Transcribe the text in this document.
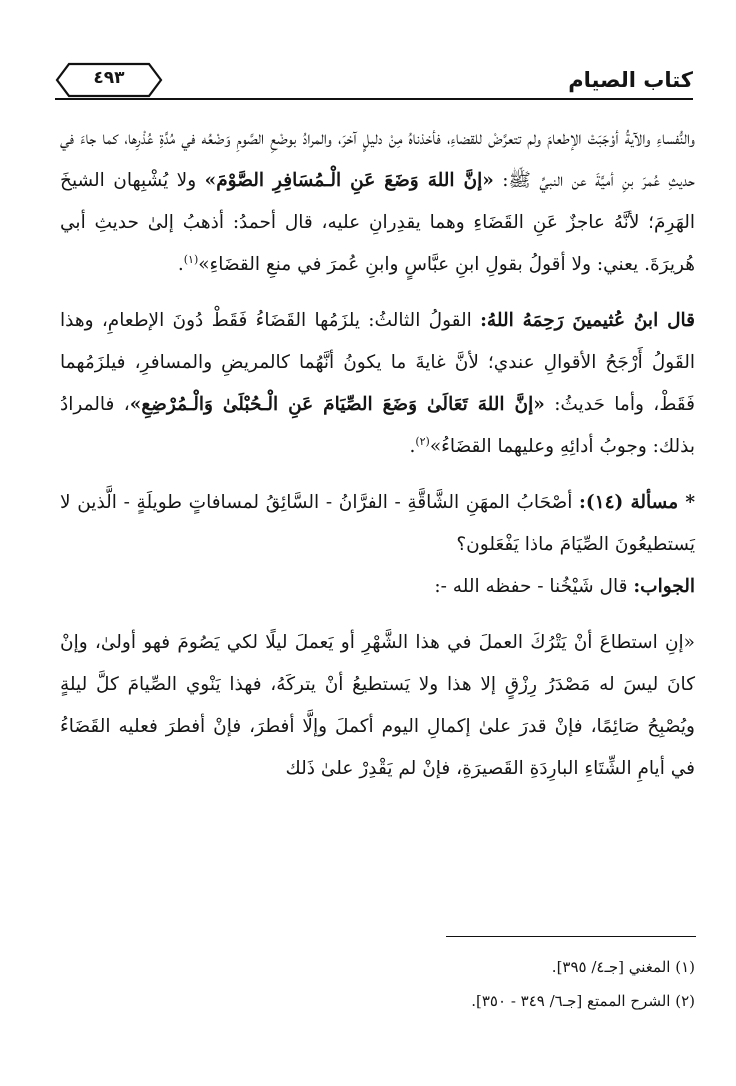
كتاب الصيام
٤٩٣

والنُّفساءِ والآيةُ أوْجَبَتْ الإطعامَ ولم تتعرَّضْ للقضاءِ، فأخذناهُ مِنْ دليلٍ آخرَ، والمرادُ بوضْعِ الصَّومِ وَضْعُه في مُدَّةِ عُذْرِها، كما جاءَ في حديثِ عُمرَ بنِ أميَّةَ عن النبيِّ ﷺ: «إنَّ اللهَ وَضَعَ عَنِ الْـمُسَافِرِ الصَّوْمَ» ولا يُشْبِهان الشيخَ الهَرِمَ؛ لأنَّهُ عاجزٌ عَنِ القَضَاءِ وهما يقدِرانِ عليه، قال أحمدُ: أذهبُ إلىٰ حديثِ أبي هُريرَةَ. يعني: ولا أقولُ بقولِ ابنِ عبَّاسٍ وابنِ عُمرَ في منعِ القضَاءِ»$^{(١)}$.

قال ابنُ عُثيمينَ رَحِمَهُ اللهُ: القولُ الثالثُ: يلزَمُها القَضَاءُ فَقَطْ دُونَ الإطعامِ، وهذا القَولُ أَرْجَحُ الأقوالِ عندي؛ لأنَّ غايةَ ما يكونُ أنَّهُما كالمريضِ والمسافرِ، فيلزَمُهما فَقَطْ، وأما حَديثُ: «إنَّ اللهَ تَعَالَىٰ وَضَعَ الصِّيَامَ عَنِ الْـحُبْلَىٰ وَالْـمُرْضِعِ»، فالمرادُ بذلك: وجوبُ أدائِهِ وعليهما القضَاءُ»$^{(٢)}$.

* مسألة (١٤): أصْحَابُ المهَنِ الشَّاقَّةِ - الفرَّانُ - السَّائِقُ لمسافاتٍ طويلَةٍ - الَّذين لا يَستطيعُونَ الصِّيَامَ ماذا يَفْعَلون؟

الجواب: قال شَيْخُنا - حفظه الله -:

«إنِ استطاعَ أنْ يَتْرُكَ العملَ في هذا الشَّهْرِ أو يَعملَ ليلًا لكي يَصُومَ فهو أولىٰ، وإنْ كانَ ليسَ له مَصْدَرُ رِزْقٍ إلا هذا ولا يَستطيعُ أنْ يتركَهُ، فهذا يَنْوي الصِّيامَ كلَّ ليلةٍ ويُصْبِحُ صَائِمًا، فإنْ قدرَ علىٰ إكمالِ اليوم أكملَ وإلَّا أفطرَ، فإنْ أفطرَ فعليه القَضَاءُ في أيامِ الشِّتَاءِ البارِدَةِ القَصيرَةِ، فإنْ لم يَقْدِرْ علىٰ ذَلك

(١) المغني [جـ٤/ ٣٩٥].

(٢) الشرح الممتع [جـ٦/ ٣٤٩ - ٣٥٠].
